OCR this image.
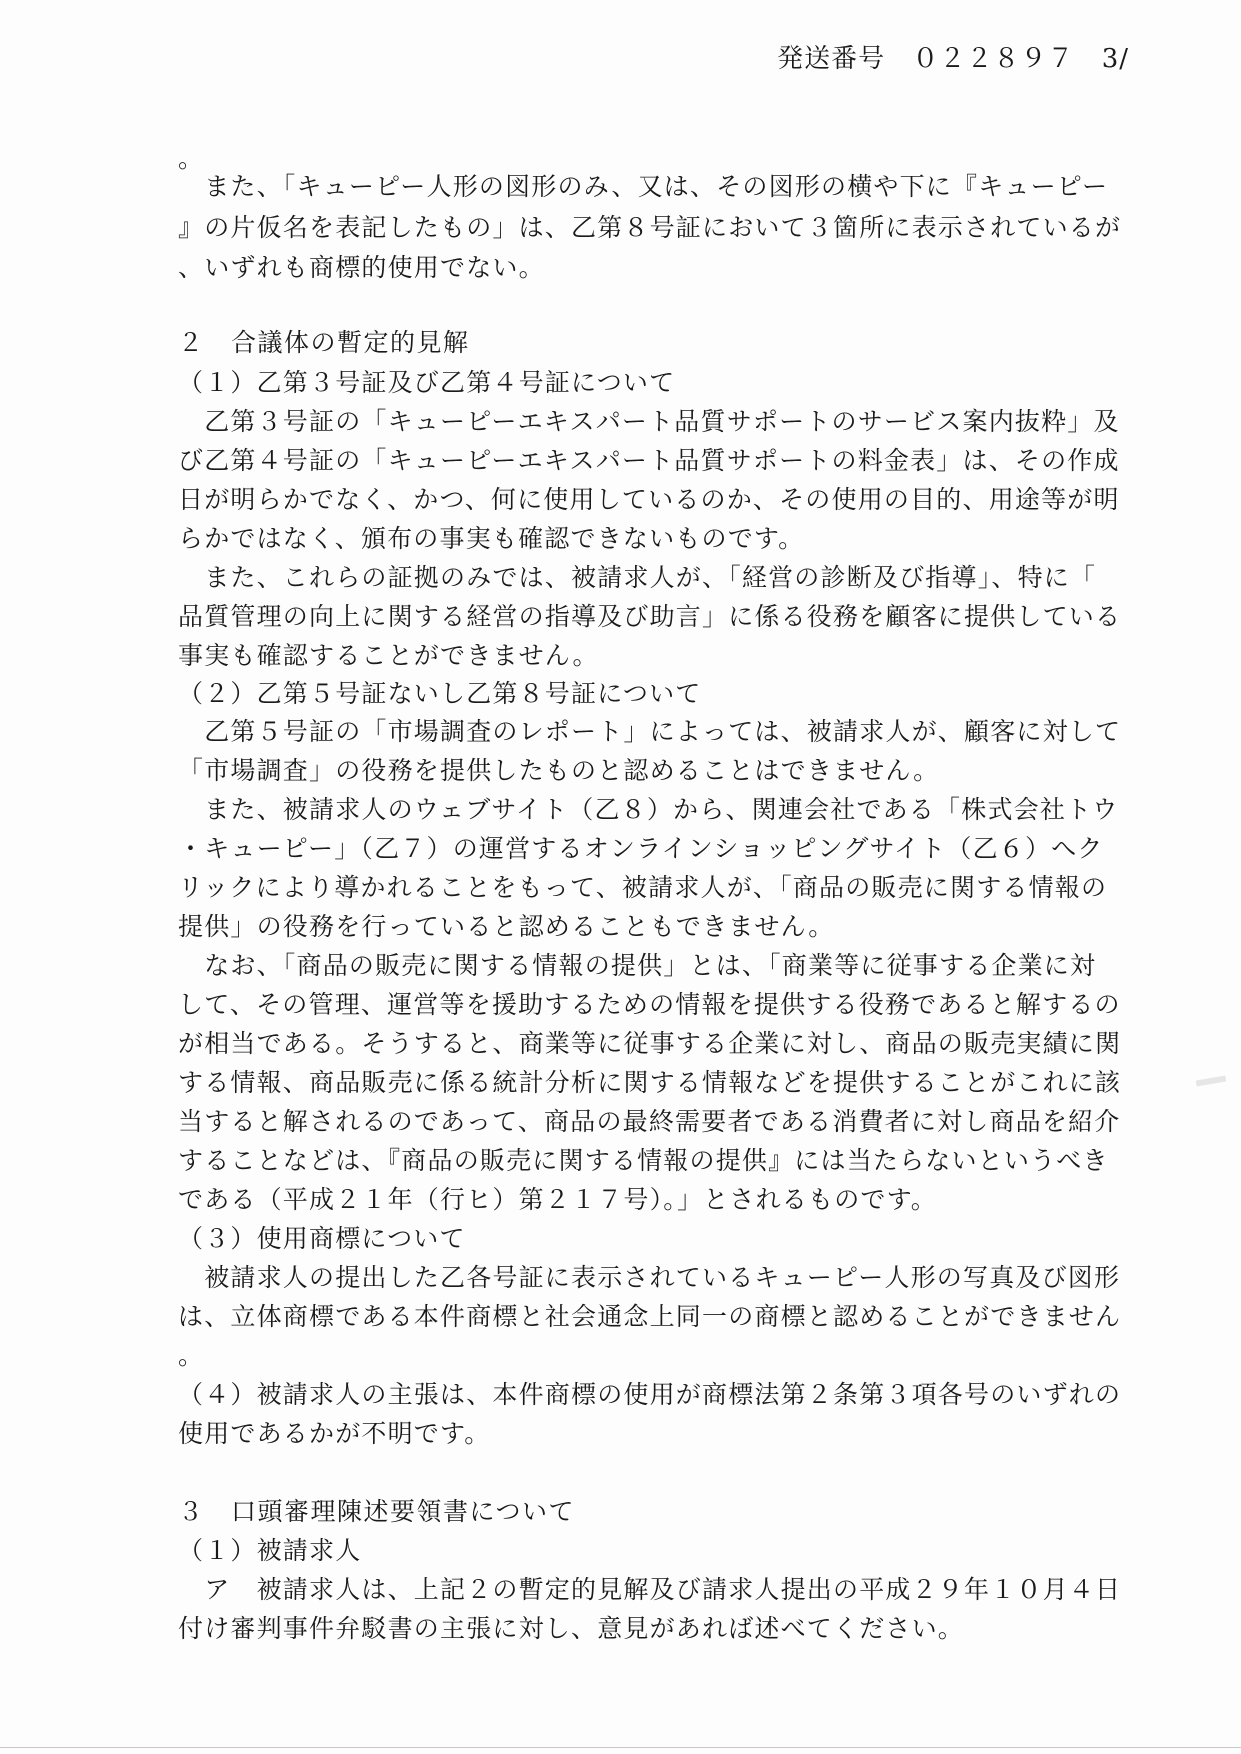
発送番号 ０２２８９７ 3/
。
　また、「キューピー人形の図形のみ、又は、その図形の横や下に『キューピー
』の片仮名を表記したもの」は、乙第８号証において３箇所に表示されているが
、いずれも商標的使用でない。
２　合議体の暫定的見解
（１）乙第３号証及び乙第４号証について
　乙第３号証の「キューピーエキスパート品質サポートのサービス案内抜粋」及
び乙第４号証の「キューピーエキスパート品質サポートの料金表」は、その作成
日が明らかでなく、かつ、何に使用しているのか、その使用の目的、用途等が明
らかではなく、頒布の事実も確認できないものです。
　また、これらの証拠のみでは、被請求人が、「経営の診断及び指導」、特に「
品質管理の向上に関する経営の指導及び助言」に係る役務を顧客に提供している
事実も確認することができません。
（２）乙第５号証ないし乙第８号証について
　乙第５号証の「市場調査のレポート」によっては、被請求人が、顧客に対して
「市場調査」の役務を提供したものと認めることはできません。
　また、被請求人のウェブサイト（乙８）から、関連会社である「株式会社トウ
・キューピー」（乙７）の運営するオンラインショッピングサイト（乙６）へク
リックにより導かれることをもって、被請求人が、「商品の販売に関する情報の
提供」の役務を行っていると認めることもできません。
　なお、「商品の販売に関する情報の提供」とは、「商業等に従事する企業に対
して、その管理、運営等を援助するための情報を提供する役務であると解するの
が相当である。そうすると、商業等に従事する企業に対し、商品の販売実績に関
する情報、商品販売に係る統計分析に関する情報などを提供することがこれに該
当すると解されるのであって、商品の最終需要者である消費者に対し商品を紹介
することなどは、『商品の販売に関する情報の提供』には当たらないというべき
である（平成２１年（行ヒ）第２１７号）。」とされるものです。
（３）使用商標について
　被請求人の提出した乙各号証に表示されているキューピー人形の写真及び図形
は、立体商標である本件商標と社会通念上同一の商標と認めることができません
。
（４）被請求人の主張は、本件商標の使用が商標法第２条第３項各号のいずれの
使用であるかが不明です。
３　口頭審理陳述要領書について
（１）被請求人
　ア　被請求人は、上記２の暫定的見解及び請求人提出の平成２９年１０月４日
付け審判事件弁駁書の主張に対し、意見があれば述べてください。
